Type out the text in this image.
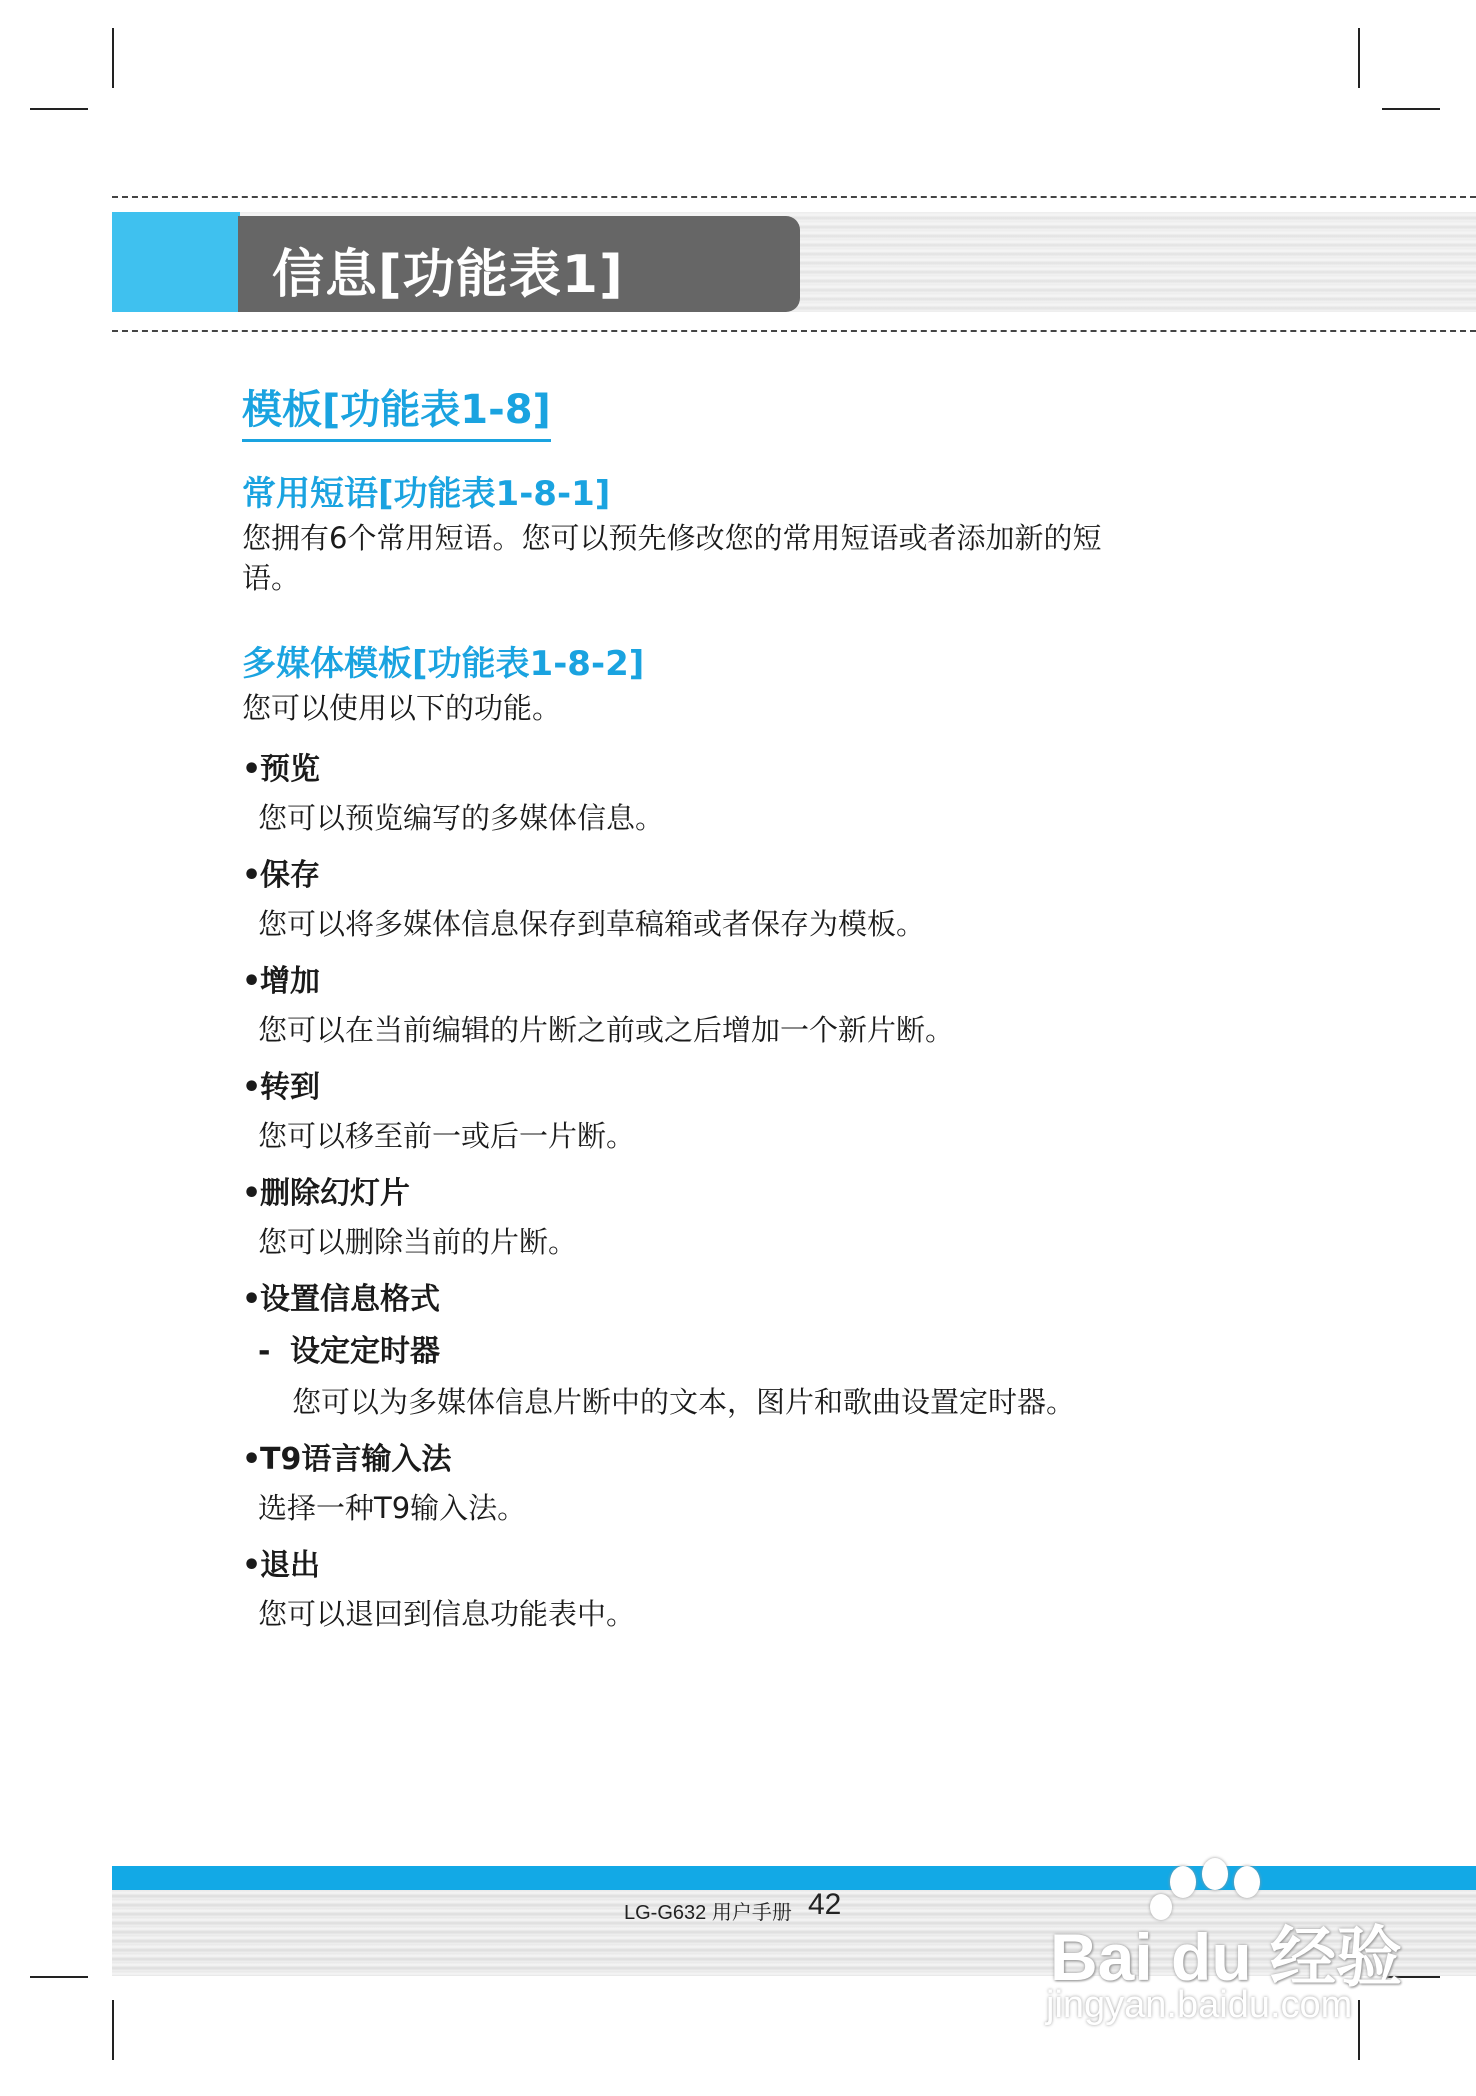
信息[功能表1]
模板[功能表1-8]
常用短语[功能表1-8-1]
您拥有6个常用短语。您可以预先修改您的常用短语或者添加新的短
语。
多媒体模板[功能表1-8-2]
您可以使用以下的功能。
•预览
您可以预览编写的多媒体信息。
•保存
您可以将多媒体信息保存到草稿箱或者保存为模板。
•增加
您可以在当前编辑的片断之前或之后增加一个新片断。
•转到
您可以移至前一或后一片断。
•删除幻灯片
您可以删除当前的片断。
•设置信息格式
- 设定定时器
您可以为多媒体信息片断中的文本，图片和歌曲设置定时器。
•T9语言输入法
选择一种T9输入法。
•退出
您可以退回到信息功能表中。
LG-G632 用户手册 42
Bai du 经验
jingyan.baidu.com
